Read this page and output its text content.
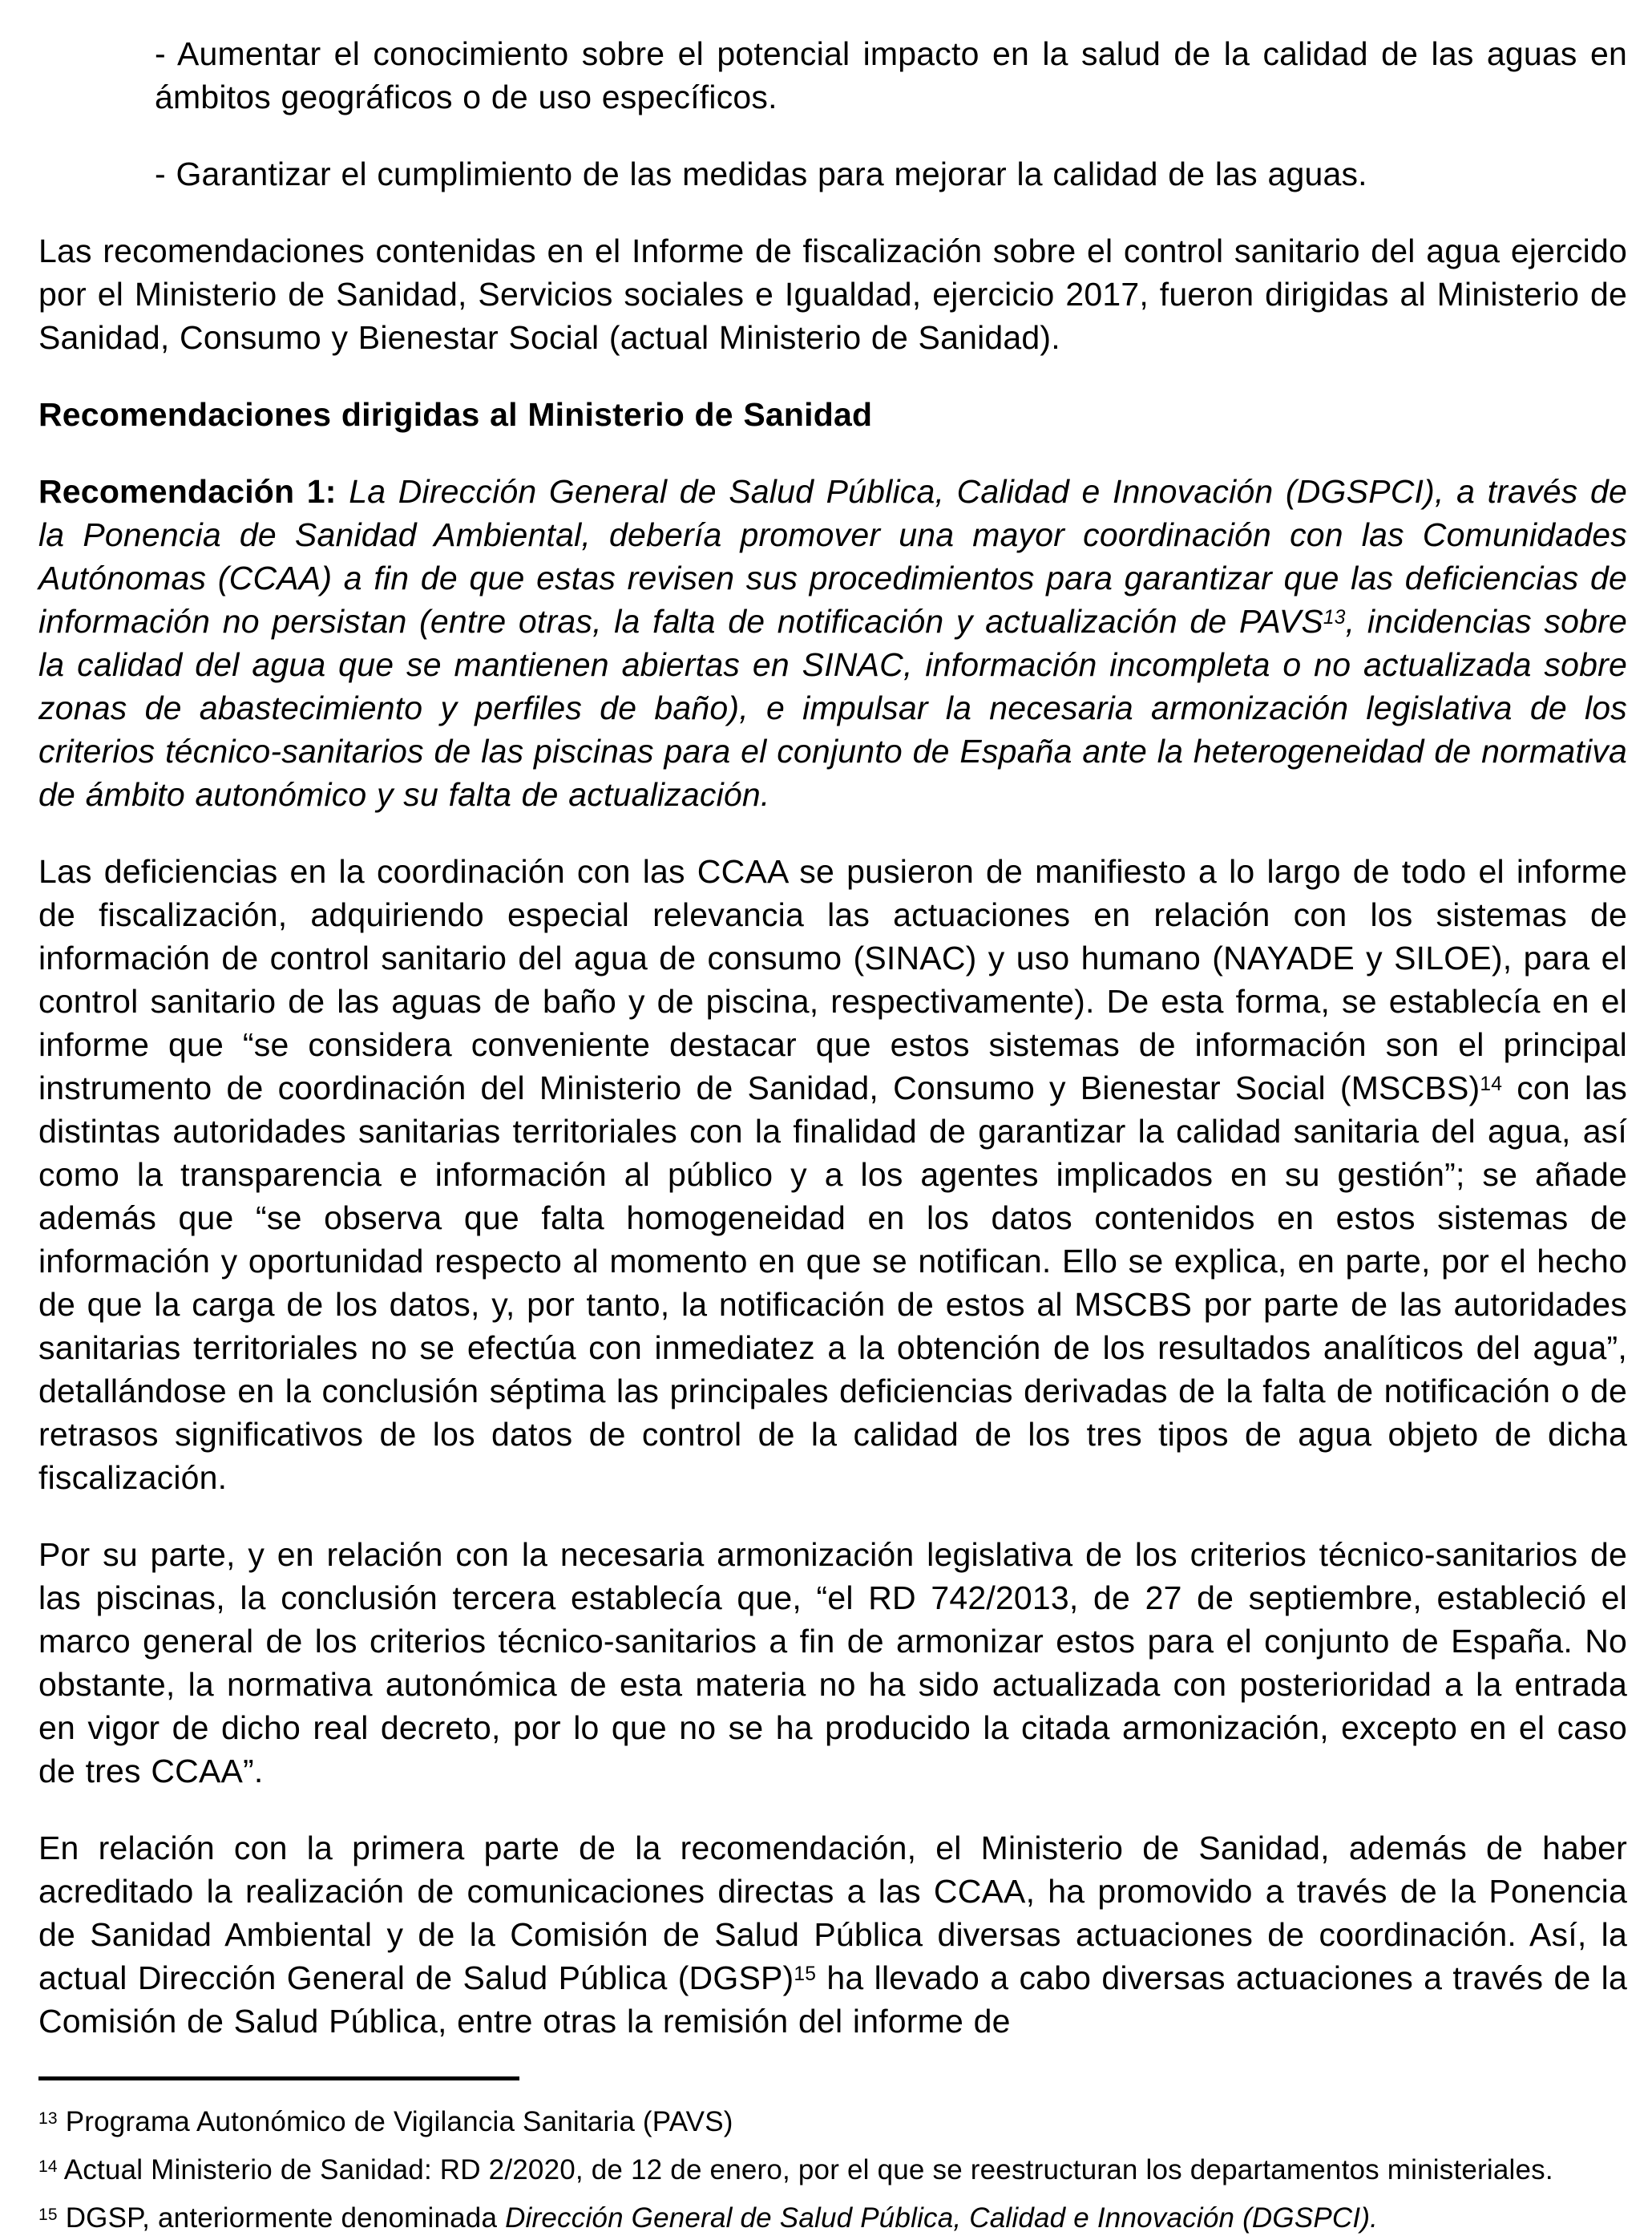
- Aumentar el conocimiento sobre el potencial impacto en la salud de la calidad de las aguas en ámbitos geográficos o de uso específicos.

- Garantizar el cumplimiento de las medidas para mejorar la calidad de las aguas.

Las recomendaciones contenidas en el Informe de fiscalización sobre el control sanitario del agua ejercido por el Ministerio de Sanidad, Servicios sociales e Igualdad, ejercicio 2017, fueron dirigidas al Ministerio de Sanidad, Consumo y Bienestar Social (actual Ministerio de Sanidad).

Recomendaciones dirigidas al Ministerio de Sanidad

Recomendación 1: La Dirección General de Salud Pública, Calidad e Innovación (DGSPCI), a través de la Ponencia de Sanidad Ambiental, debería promover una mayor coordinación con las Comunidades Autónomas (CCAA) a fin de que estas revisen sus procedimientos para garantizar que las deficiencias de información no persistan (entre otras, la falta de notificación y actualización de PAVS$^{13}$, incidencias sobre la calidad del agua que se mantienen abiertas en SINAC, información incompleta o no actualizada sobre zonas de abastecimiento y perfiles de baño), e impulsar la necesaria armonización legislativa de los criterios técnico-sanitarios de las piscinas para el conjunto de España ante la heterogeneidad de normativa de ámbito autonómico y su falta de actualización.

Las deficiencias en la coordinación con las CCAA se pusieron de manifiesto a lo largo de todo el informe de fiscalización, adquiriendo especial relevancia las actuaciones en relación con los sistemas de información de control sanitario del agua de consumo (SINAC) y uso humano (NAYADE y SILOE), para el control sanitario de las aguas de baño y de piscina, respectivamente). De esta forma, se establecía en el informe que “se considera conveniente destacar que estos sistemas de información son el principal instrumento de coordinación del Ministerio de Sanidad, Consumo y Bienestar Social (MSCBS)$^{14}$ con las distintas autoridades sanitarias territoriales con la finalidad de garantizar la calidad sanitaria del agua, así como la transparencia e información al público y a los agentes implicados en su gestión”; se añade además que “se observa que falta homogeneidad en los datos contenidos en estos sistemas de información y oportunidad respecto al momento en que se notifican. Ello se explica, en parte, por el hecho de que la carga de los datos, y, por tanto, la notificación de estos al MSCBS por parte de las autoridades sanitarias territoriales no se efectúa con inmediatez a la obtención de los resultados analíticos del agua”, detallándose en la conclusión séptima las principales deficiencias derivadas de la falta de notificación o de retrasos significativos de los datos de control de la calidad de los tres tipos de agua objeto de dicha fiscalización.

Por su parte, y en relación con la necesaria armonización legislativa de los criterios técnico-sanitarios de las piscinas, la conclusión tercera establecía que, “el RD 742/2013, de 27 de septiembre, estableció el marco general de los criterios técnico-sanitarios a fin de armonizar estos para el conjunto de España. No obstante, la normativa autonómica de esta materia no ha sido actualizada con posterioridad a la entrada en vigor de dicho real decreto, por lo que no se ha producido la citada armonización, excepto en el caso de tres CCAA”.

En relación con la primera parte de la recomendación, el Ministerio de Sanidad, además de haber acreditado la realización de comunicaciones directas a las CCAA, ha promovido a través de la Ponencia de Sanidad Ambiental y de la Comisión de Salud Pública diversas actuaciones de coordinación. Así, la actual Dirección General de Salud Pública (DGSP)$^{15}$ ha llevado a cabo diversas actuaciones a través de la Comisión de Salud Pública, entre otras la remisión del informe de

$^{13}$ Programa Autonómico de Vigilancia Sanitaria (PAVS)

$^{14}$ Actual Ministerio de Sanidad: RD 2/2020, de 12 de enero, por el que se reestructuran los departamentos ministeriales.

$^{15}$ DGSP, anteriormente denominada Dirección General de Salud Pública, Calidad e Innovación (DGSPCI).
